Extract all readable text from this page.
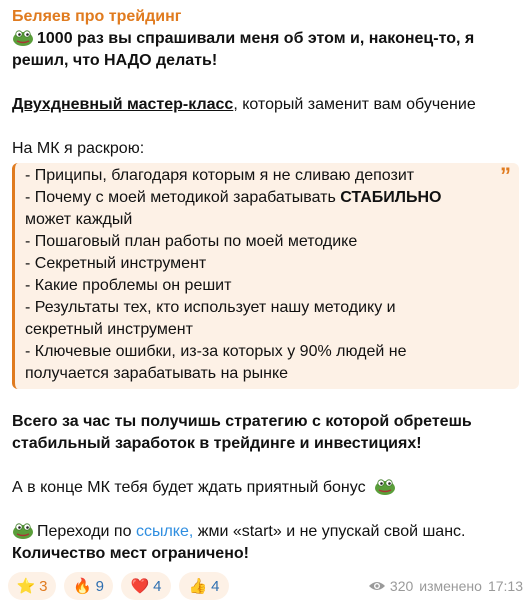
Беляев про трейдинг
1000 раз вы спрашивали меня об этом и, наконец-то, я
решил, что НАДО делать!
Двухдневный мастер-класс, который заменит вам обучение
На МК я раскрою:
”
- Приципы, благодаря которым я не сливаю депозит
- Почему с моей методикой зарабатывать СТАБИЛЬНО
может каждый
- Пошаговый план работы по моей методике
- Секретный инструмент
- Какие проблемы он решит
- Результаты тех, кто использует нашу методику и
секретный инструмент
- Ключевые ошибки, из-за которых у 90% людей не
получается зарабатывать на рынке
Всего за час ты получишь стратегию с которой обретешь
стабильный заработок в трейдинге и инвестициях!
А в конце МК тебя будет ждать приятный бонус
Переходи по ссылке, жми «start» и не упускай свой шанс.
Количество мест ограничено!
⭐ 3 🔥 9 ❤️ 4 👍 4	320 изменено 17:13
